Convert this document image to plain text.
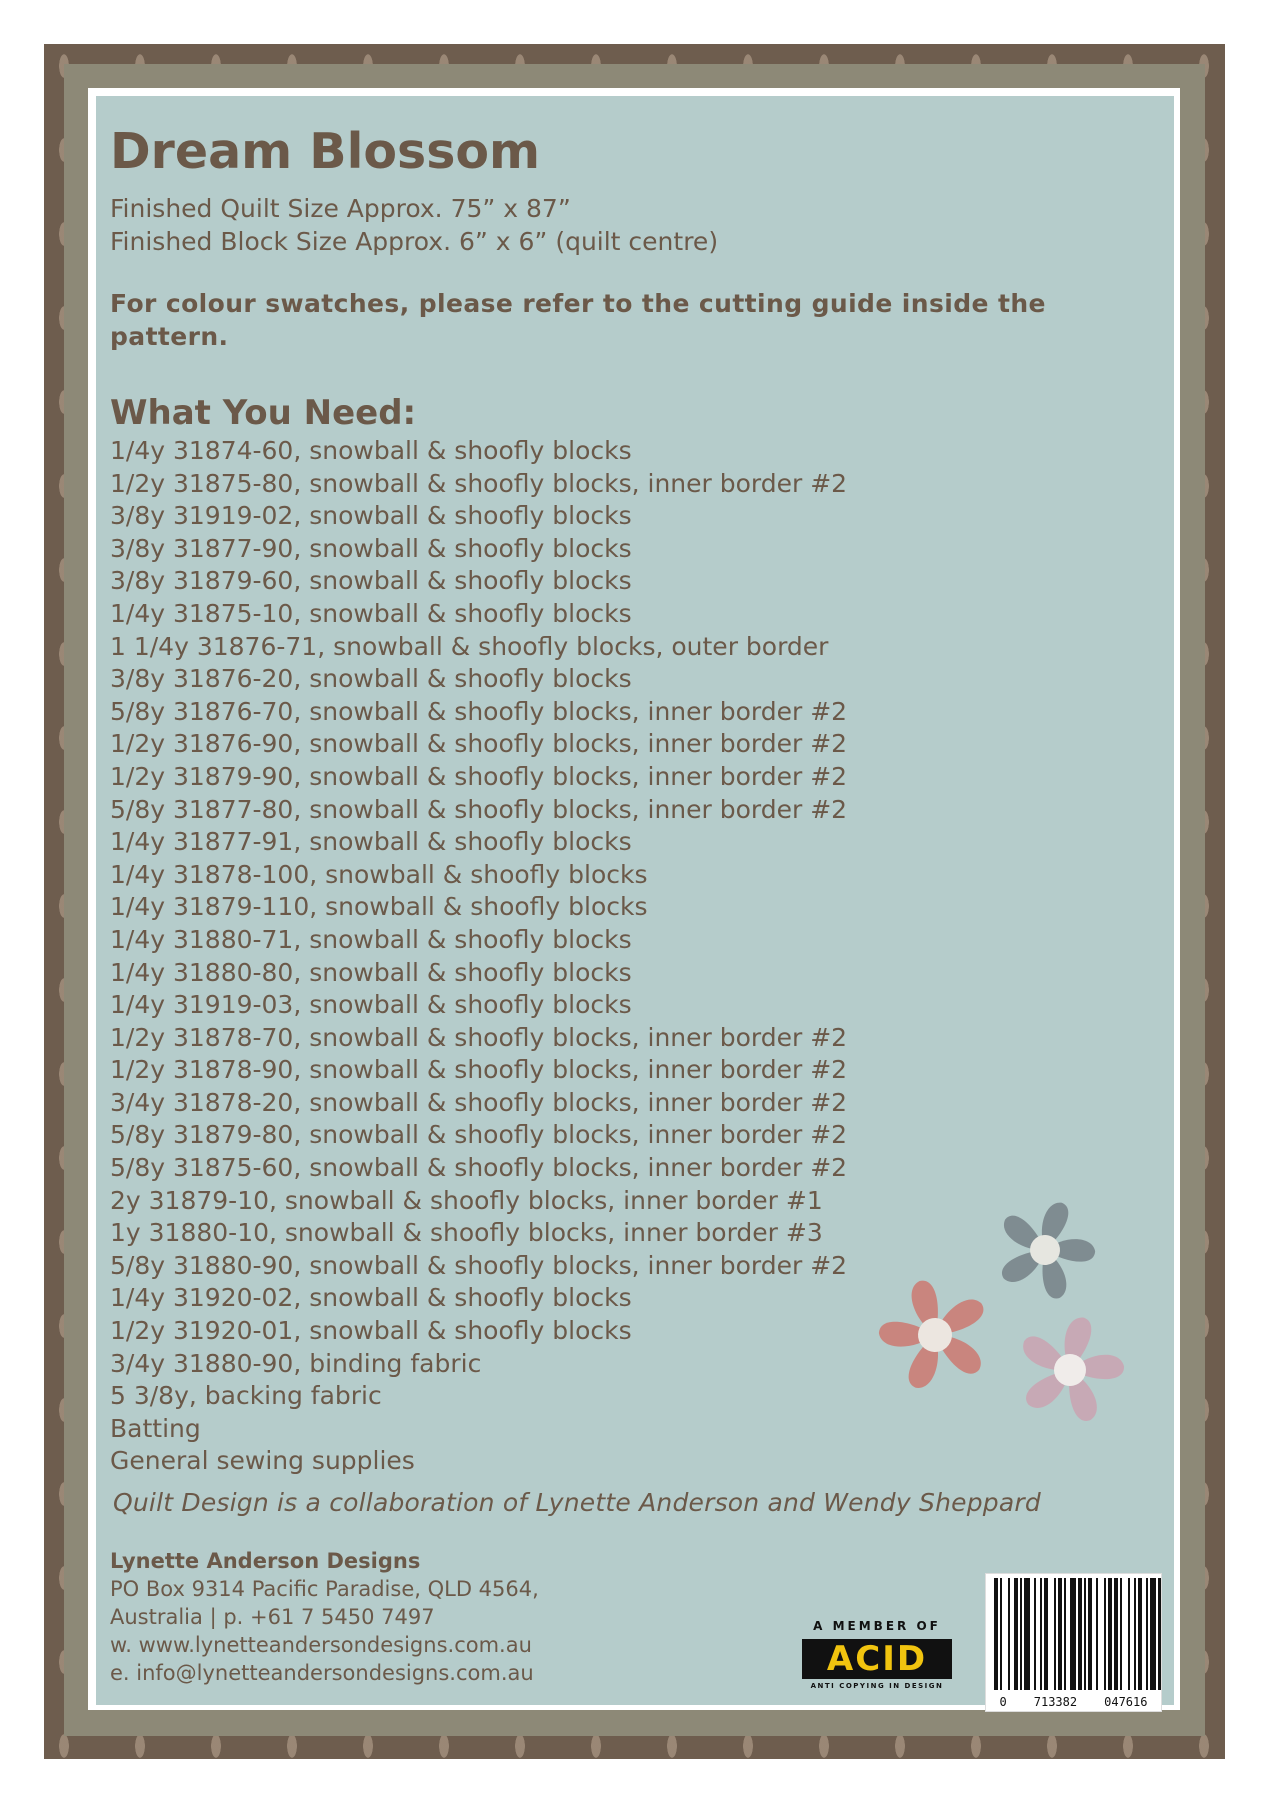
Dream Blossom

Finished Quilt Size Approx. 75” x 87”

Finished Block Size Approx. 6” x 6” (quilt centre)

For colour swatches, please refer to the cutting guide inside the pattern.

What You Need:
1/4y 31874-60, snowball & shoofly blocks
1/2y 31875-80, snowball & shoofly blocks, inner border #2
3/8y 31919-02, snowball & shoofly blocks
3/8y 31877-90, snowball & shoofly blocks
3/8y 31879-60, snowball & shoofly blocks
1/4y 31875-10, snowball & shoofly blocks
1 1/4y 31876-71, snowball & shoofly blocks, outer border
3/8y 31876-20, snowball & shoofly blocks
5/8y 31876-70, snowball & shoofly blocks, inner border #2
1/2y 31876-90, snowball & shoofly blocks, inner border #2
1/2y 31879-90, snowball & shoofly blocks, inner border #2
5/8y 31877-80, snowball & shoofly blocks, inner border #2
1/4y 31877-91, snowball & shoofly blocks
1/4y 31878-100, snowball & shoofly blocks
1/4y 31879-110, snowball & shoofly blocks
1/4y 31880-71, snowball & shoofly blocks
1/4y 31880-80, snowball & shoofly blocks
1/4y 31919-03, snowball & shoofly blocks
1/2y 31878-70, snowball & shoofly blocks, inner border #2
1/2y 31878-90, snowball & shoofly blocks, inner border #2
3/4y 31878-20, snowball & shoofly blocks, inner border #2
5/8y 31879-80, snowball & shoofly blocks, inner border #2
5/8y 31875-60, snowball & shoofly blocks, inner border #2
2y 31879-10, snowball & shoofly blocks, inner border #1
1y 31880-10, snowball & shoofly blocks, inner border #3
5/8y 31880-90, snowball & shoofly blocks, inner border #2
1/4y 31920-02, snowball & shoofly blocks
1/2y 31920-01, snowball & shoofly blocks
3/4y 31880-90, binding fabric
5 3/8y, backing fabric
Batting
General sewing supplies
Quilt Design is a collaboration of Lynette Anderson and Wendy Sheppard
Lynette Anderson Designs
PO Box 9314 Pacific Paradise, QLD 4564,
Australia | p. +61 7 5450 7497
w. www.lynetteandersondesigns.com.au
e. info@lynetteandersondesigns.com.au
A MEMBER OF
ACID
ANTI COPYING IN DESIGN
0 713382 047616
